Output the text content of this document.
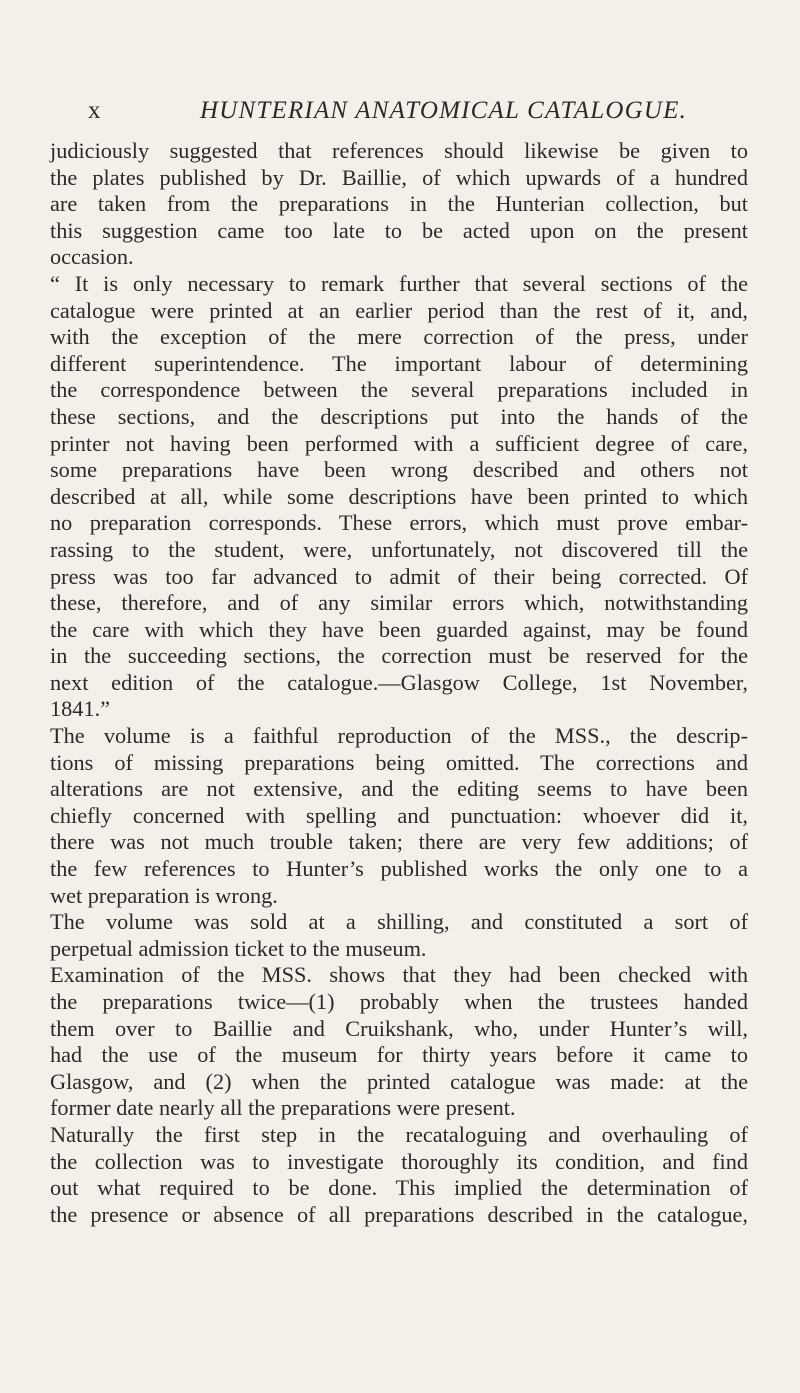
x	HUNTERIAN ANATOMICAL CATALOGUE.
judiciously suggested that references should likewise be given to
the plates published by Dr. Baillie, of which upwards of a hundred
are taken from the preparations in the Hunterian collection, but
this suggestion came too late to be acted upon on the present
occasion.
“ It is only necessary to remark further that several sections of the
catalogue were printed at an earlier period than the rest of it, and,
with the exception of the mere correction of the press, under
different superintendence. The important labour of determining
the correspondence between the several preparations included in
these sections, and the descriptions put into the hands of the
printer not having been performed with a sufficient degree of care,
some preparations have been wrong described and others not
described at all, while some descriptions have been printed to which
no preparation corresponds. These errors, which must prove embar-
rassing to the student, were, unfortunately, not discovered till the
press was too far advanced to admit of their being corrected. Of
these, therefore, and of any similar errors which, notwithstanding
the care with which they have been guarded against, may be found
in the succeeding sections, the correction must be reserved for the
next edition of the catalogue.—Glasgow College, 1st November,
1841.”
The volume is a faithful reproduction of the MSS., the descrip-
tions of missing preparations being omitted. The corrections and
alterations are not extensive, and the editing seems to have been
chiefly concerned with spelling and punctuation: whoever did it,
there was not much trouble taken; there are very few additions; of
the few references to Hunter’s published works the only one to a
wet preparation is wrong.
The volume was sold at a shilling, and constituted a sort of
perpetual admission ticket to the museum.
Examination of the MSS. shows that they had been checked with
the preparations twice—(1) probably when the trustees handed
them over to Baillie and Cruikshank, who, under Hunter’s will,
had the use of the museum for thirty years before it came to
Glasgow, and (2) when the printed catalogue was made: at the
former date nearly all the preparations were present.
Naturally the first step in the recataloguing and overhauling of
the collection was to investigate thoroughly its condition, and find
out what required to be done. This implied the determination of
the presence or absence of all preparations described in the catalogue,
